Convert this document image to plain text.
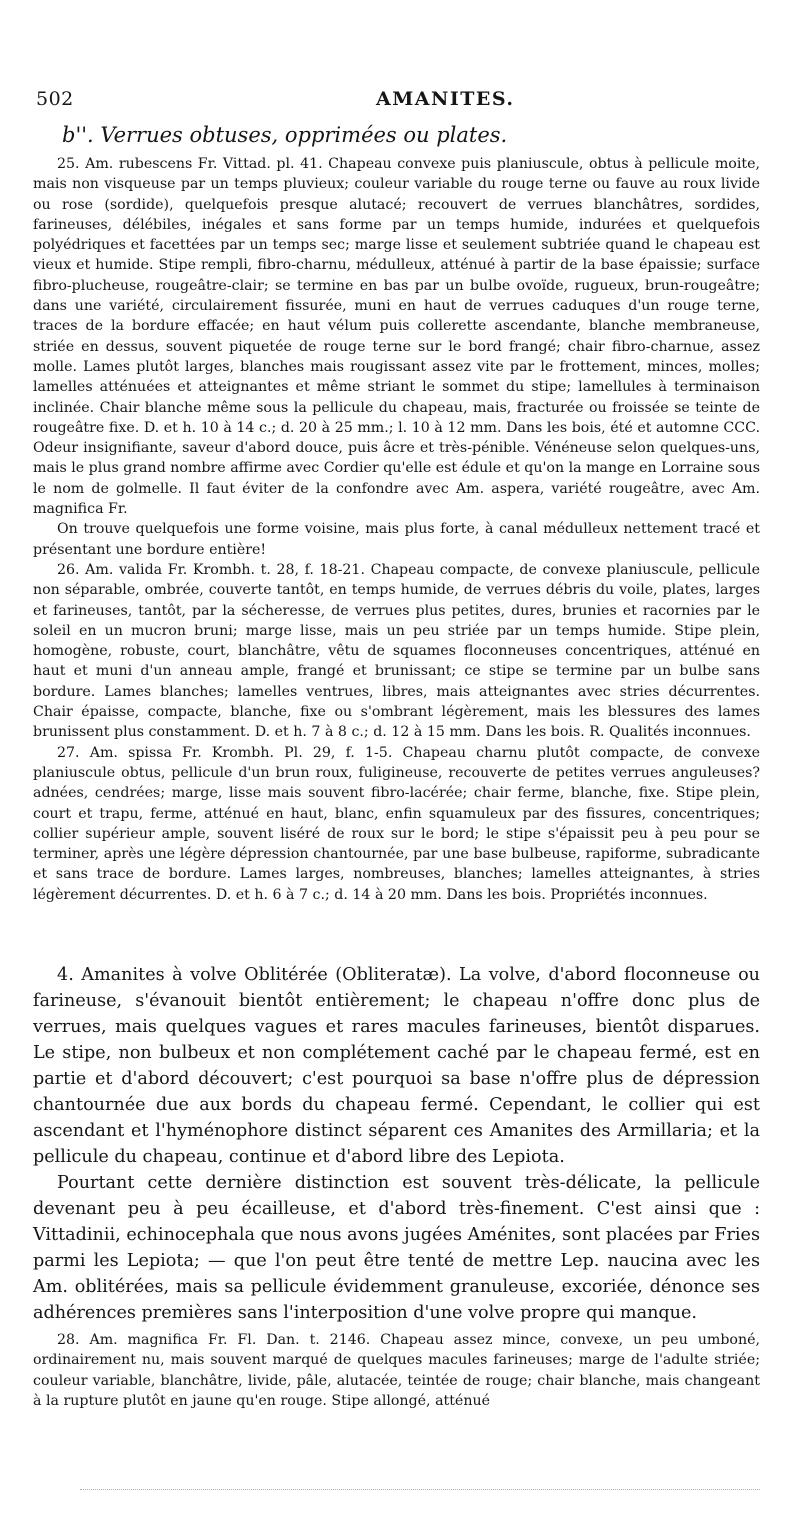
502	AMANITES.
b''. Verrues obtuses, opprimées ou plates.

25. Am. rubescens Fr. Vittad. pl. 41. Chapeau convexe puis planiuscule, obtus à pellicule moite, mais non visqueuse par un temps pluvieux; couleur variable du rouge terne ou fauve au roux livide ou rose (sordide), quelquefois presque alutacé; recouvert de verrues blanchâtres, sordides, farineuses, délébiles, inégales et sans forme par un temps humide, indurées et quelquefois polyédriques et facettées par un temps sec; marge lisse et seulement subtriée quand le chapeau est vieux et humide. Stipe rempli, fibro-charnu, médulleux, atténué à partir de la base épaissie; surface fibro-plucheuse, rougeâtre-clair; se termine en bas par un bulbe ovoïde, rugueux, brun-rougeâtre; dans une variété, circulairement fissurée, muni en haut de verrues caduques d'un rouge terne, traces de la bordure effacée; en haut vélum puis collerette ascendante, blanche membraneuse, striée en dessus, souvent piquetée de rouge terne sur le bord frangé; chair fibro-charnue, assez molle. Lames plutôt larges, blanches mais rougissant assez vite par le frottement, minces, molles; lamelles atténuées et atteignantes et même striant le sommet du stipe; lamellules à terminaison inclinée. Chair blanche même sous la pellicule du chapeau, mais, fracturée ou froissée se teinte de rougeâtre fixe. D. et h. 10 à 14 c.; d. 20 à 25 mm.; l. 10 à 12 mm. Dans les bois, été et automne CCC. Odeur insignifiante, saveur d'abord douce, puis âcre et très-pénible. Vénéneuse selon quelques-uns, mais le plus grand nombre affirme avec Cordier qu'elle est édule et qu'on la mange en Lorraine sous le nom de golmelle. Il faut éviter de la confondre avec Am. aspera, variété rougeâtre, avec Am. magnifica Fr.

On trouve quelquefois une forme voisine, mais plus forte, à canal médulleux nettement tracé et présentant une bordure entière!

26. Am. valida Fr. Krombh. t. 28, f. 18-21. Chapeau compacte, de convexe planiuscule, pellicule non séparable, ombrée, couverte tantôt, en temps humide, de verrues débris du voile, plates, larges et farineuses, tantôt, par la sécheresse, de verrues plus petites, dures, brunies et racornies par le soleil en un mucron bruni; marge lisse, mais un peu striée par un temps humide. Stipe plein, homogène, robuste, court, blanchâtre, vêtu de squames floconneuses concentriques, atténué en haut et muni d'un anneau ample, frangé et brunissant; ce stipe se termine par un bulbe sans bordure. Lames blanches; lamelles ventrues, libres, mais atteignantes avec stries décurrentes. Chair épaisse, compacte, blanche, fixe ou s'ombrant légèrement, mais les blessures des lames brunissent plus constamment. D. et h. 7 à 8 c.; d. 12 à 15 mm. Dans les bois. R. Qualités inconnues.

27. Am. spissa Fr. Krombh. Pl. 29, f. 1-5. Chapeau charnu plutôt compacte, de convexe planiuscule obtus, pellicule d'un brun roux, fuligineuse, recouverte de petites verrues anguleuses? adnées, cendrées; marge, lisse mais souvent fibro-lacérée; chair ferme, blanche, fixe. Stipe plein, court et trapu, ferme, atténué en haut, blanc, enfin squamuleux par des fissures, concentriques; collier supérieur ample, souvent liséré de roux sur le bord; le stipe s'épaissit peu à peu pour se terminer, après une légère dépression chantournée, par une base bulbeuse, rapiforme, subradicante et sans trace de bordure. Lames larges, nombreuses, blanches; lamelles atteignantes, à stries légèrement décurrentes. D. et h. 6 à 7 c.; d. 14 à 20 mm. Dans les bois. Propriétés inconnues.

4. Amanites à volve Oblitérée (Obliteratæ). La volve, d'abord floconneuse ou farineuse, s'évanouit bientôt entièrement; le chapeau n'offre donc plus de verrues, mais quelques vagues et rares macules farineuses, bientôt disparues. Le stipe, non bulbeux et non complétement caché par le chapeau fermé, est en partie et d'abord découvert; c'est pourquoi sa base n'offre plus de dépression chantournée due aux bords du chapeau fermé. Cependant, le collier qui est ascendant et l'hyménophore distinct séparent ces Amanites des Armillaria; et la pellicule du chapeau, continue et d'abord libre des Lepiota.

Pourtant cette dernière distinction est souvent très-délicate, la pellicule devenant peu à peu écailleuse, et d'abord très-finement. C'est ainsi que : Vittadinii, echinocephala que nous avons jugées Aménites, sont placées par Fries parmi les Lepiota; — que l'on peut être tenté de mettre Lep. naucina avec les Am. oblitérées, mais sa pellicule évidemment granuleuse, excoriée, dénonce ses adhérences premières sans l'interposition d'une volve propre qui manque.

28. Am. magnifica Fr. Fl. Dan. t. 2146. Chapeau assez mince, convexe, un peu umboné, ordinairement nu, mais souvent marqué de quelques macules farineuses; marge de l'adulte striée; couleur variable, blanchâtre, livide, pâle, alutacée, teintée de rouge; chair blanche, mais changeant à la rupture plutôt en jaune qu'en rouge. Stipe allongé, atténué
